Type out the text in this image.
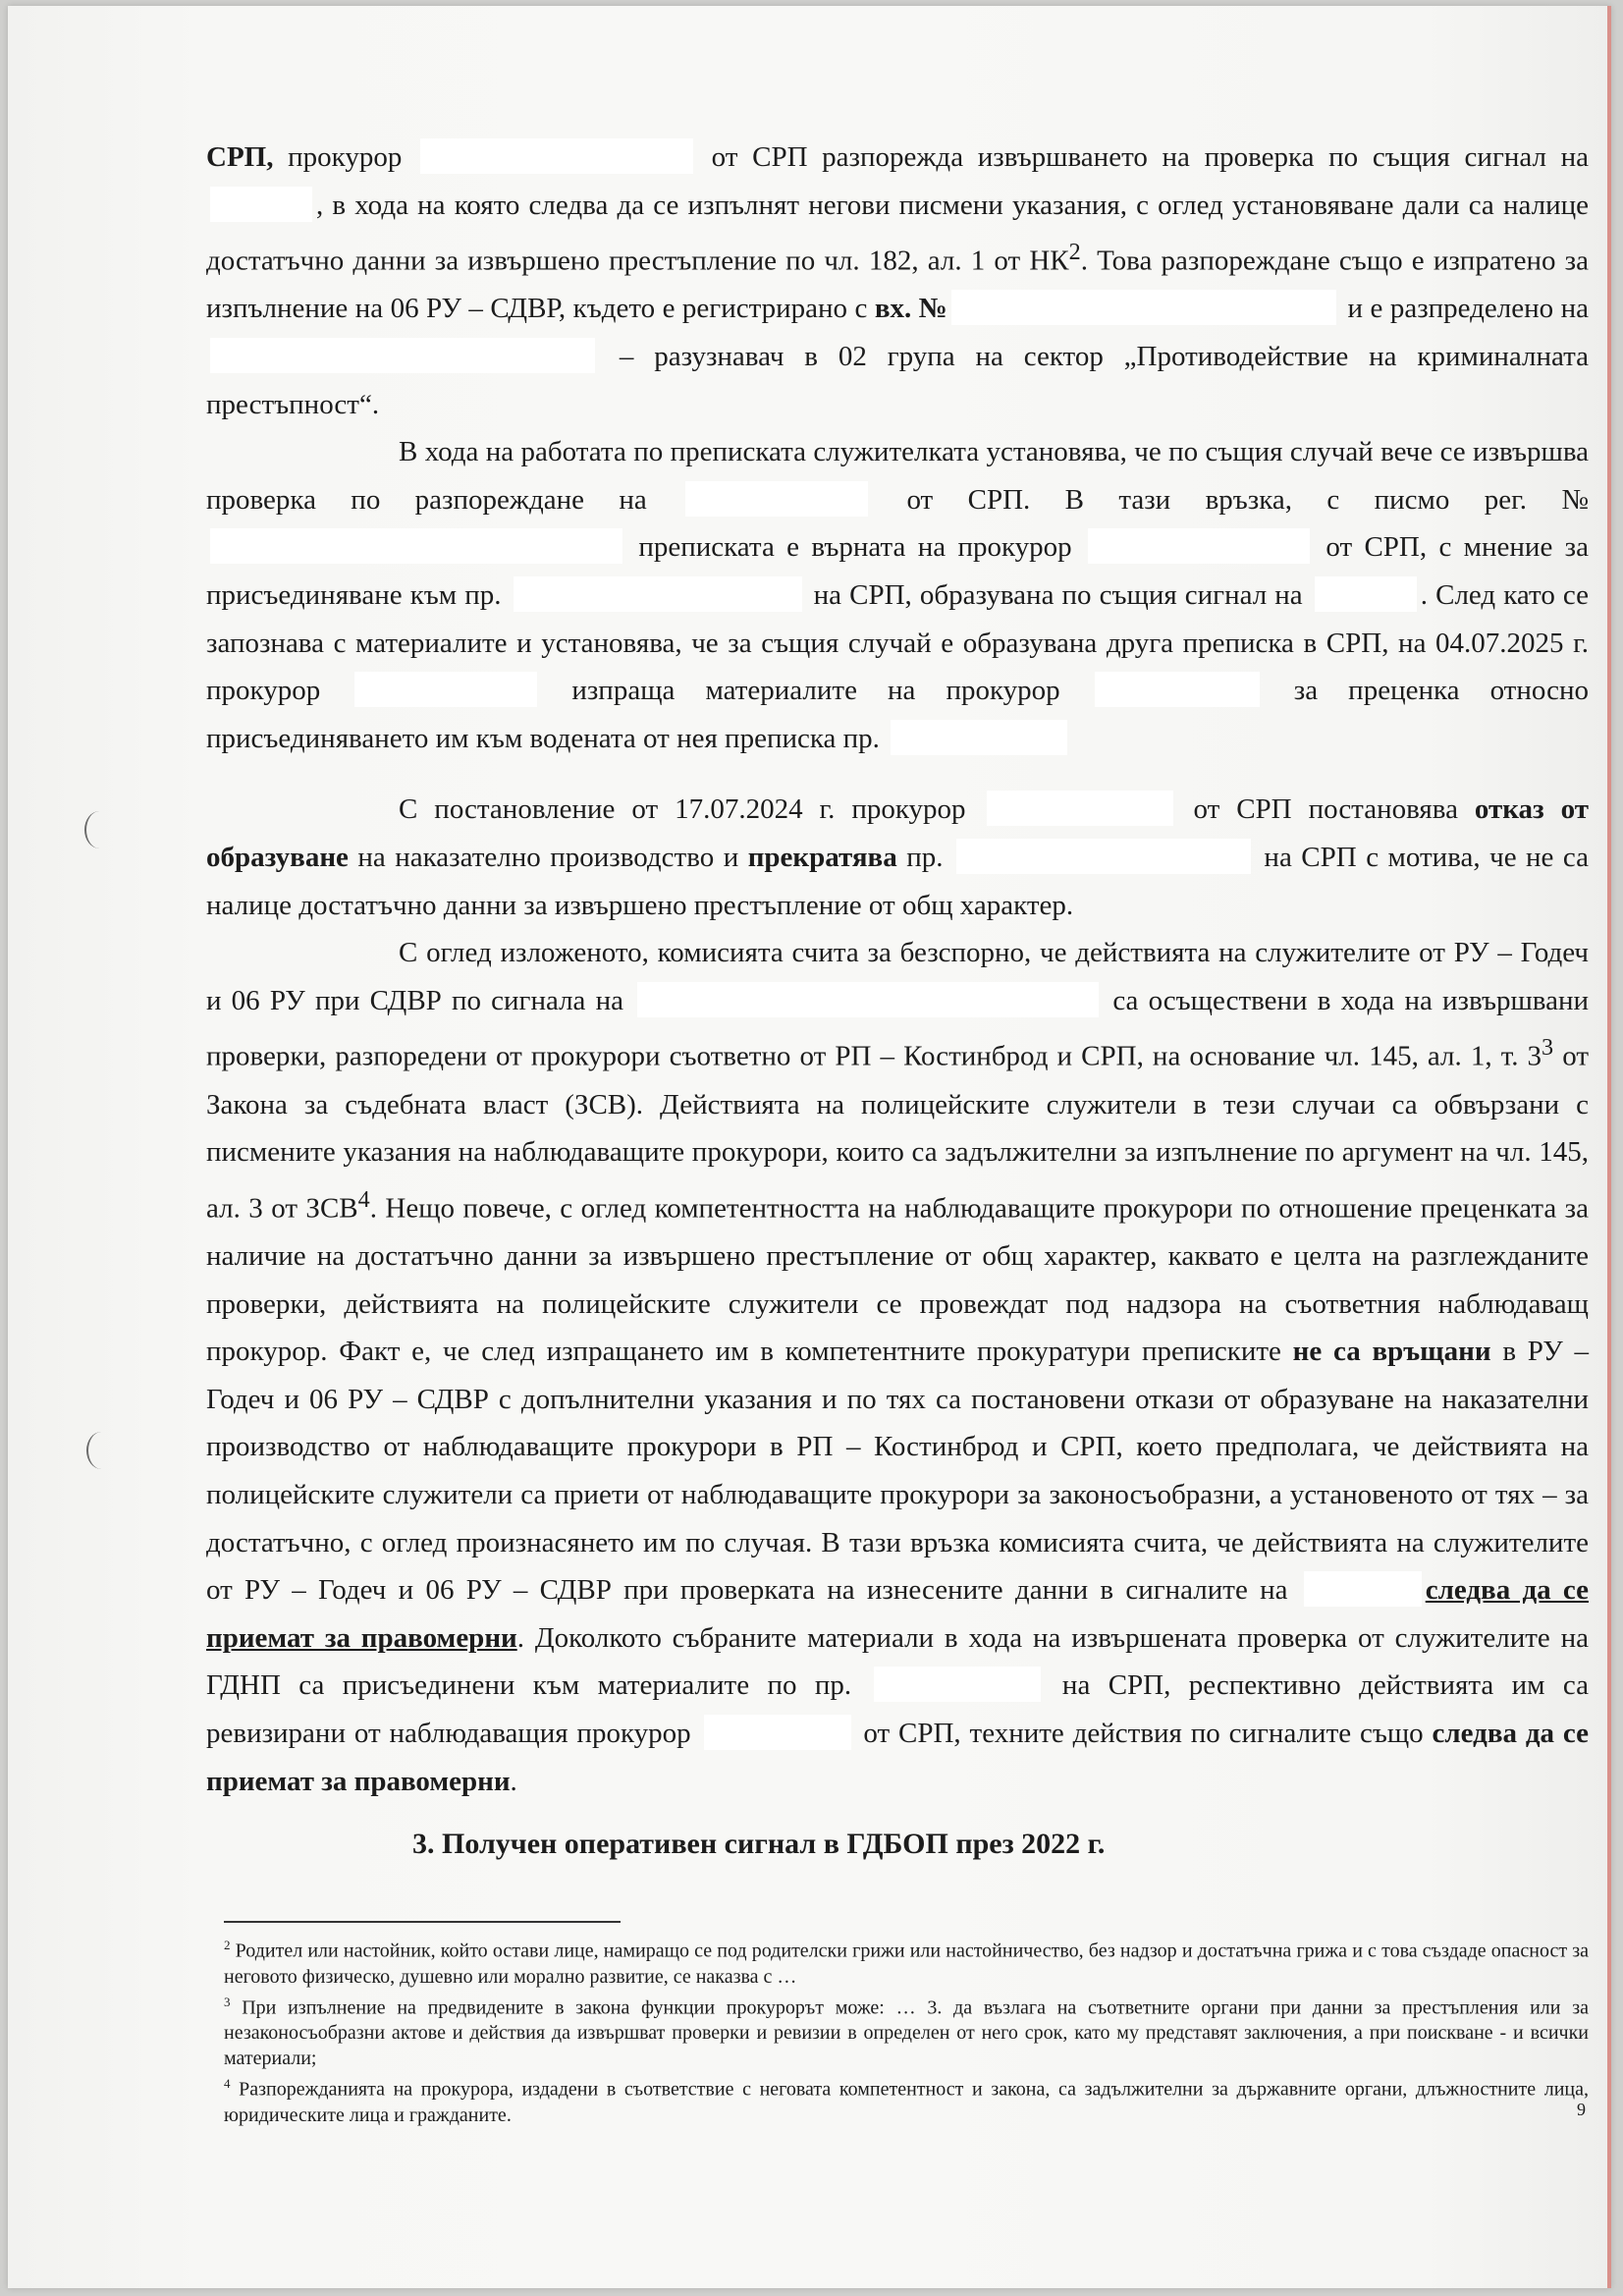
СРП, прокурор	от СРП разпорежда извършването на проверка по същия сигнал на , в хода на която следва да се изпълнят негови писмени указания, с оглед установяване дали са налице достатъчно данни за извършено престъпление по чл. 182, ал. 1 от $НК^2$. Това разпореждане също е изпратено за изпълнение на 06 РУ – СДВР, където е регистрирано с вх. №	и е разпределено на  – разузнавач в 02 група на сектор „Противодействие на криминалната престъпност“.

В хода на работата по преписката служителката установява, че по същия случай вече се извършва проверка по разпореждане на	от СРП. В тази връзка, с писмо рег. №  преписката е върната на прокурор	от СРП, с мнение за присъединяване към пр.	на СРП, образувана по същия сигнал на	. След като се запознава с материалите и установява, че за същия случай е образувана друга преписка в СРП, на 04.07.2025 г. прокурор	изпраща материалите на прокурор	за преценка относно присъединяването им към водената от нея преписка пр.

С постановление от 17.07.2024 г. прокурор	от СРП постановява отказ от образуване на наказателно производство и прекратява пр.	на СРП с мотива, че не са налице достатъчно данни за извършено престъпление от общ характер.

С оглед изложеното, комисията счита за безспорно, че действията на служителите от РУ – Годеч и 06 РУ при СДВР по сигнала на	са осъществени в хода на извършвани проверки, разпоредени от прокурори съответно от РП – Костинброд и СРП, на основание чл. 145, ал. 1, т. $3^3$ от Закона за съдебната власт (ЗСВ). Действията на полицейските служители в тези случаи са обвързани с писмените указания на наблюдаващите прокурори, които са задължителни за изпълнение по аргумент на чл. 145, ал. 3 от ЗСВ$^4$. Нещо повече, с оглед компетентността на наблюдаващите прокурори по отношение преценката за наличие на достатъчно данни за извършено престъпление от общ характер, каквато е целта на разглежданите проверки, действията на полицейските служители се провеждат под надзора на съответния наблюдаващ прокурор. Факт е, че след изпращането им в компетентните прокуратури преписките не са връщани в РУ – Годеч и 06 РУ – СДВР с допълнителни указания и по тях са постановени откази от образуване на наказателни производство от наблюдаващите прокурори в РП – Костинброд и СРП, което предполага, че действията на полицейските служители са приети от наблюдаващите прокурори за законосъобразни, а установеното от тях – за достатъчно, с оглед произнасянето им по случая. В тази връзка комисията счита, че действията на служителите от РУ – Годеч и 06 РУ – СДВР при проверката на изнесените данни в сигналите на	следва да се приемат за правомерни. Доколкото събраните материали в хода на извършената проверка от служителите на ГДНП са присъединени към материалите по пр.	на СРП, респективно действията им са ревизирани от наблюдаващия прокурор	от СРП, техните действия по сигналите също следва да се приемат за правомерни.

3. Получен оперативен сигнал в ГДБОП през 2022 г.

$^2$ Родител или настойник, който остави лице, намиращо се под родителски грижи или настойничество, без надзор и достатъчна грижа и с това създаде опасност за неговото физическо, душевно или морално развитие, се наказва с …

$^3$ При изпълнение на предвидените в закона функции прокурорът може: … 3. да възлага на съответните органи при данни за престъпления или за незаконосъобразни актове и действия да извършват проверки и ревизии в определен от него срок, като му представят заключения, а при поискване - и всички материали;

$^4$ Разпорежданията на прокурора, издадени в съответствие с неговата компетентност и закона, са задължителни за държавните органи, длъжностните лица, юридическите лица и гражданите.	9
